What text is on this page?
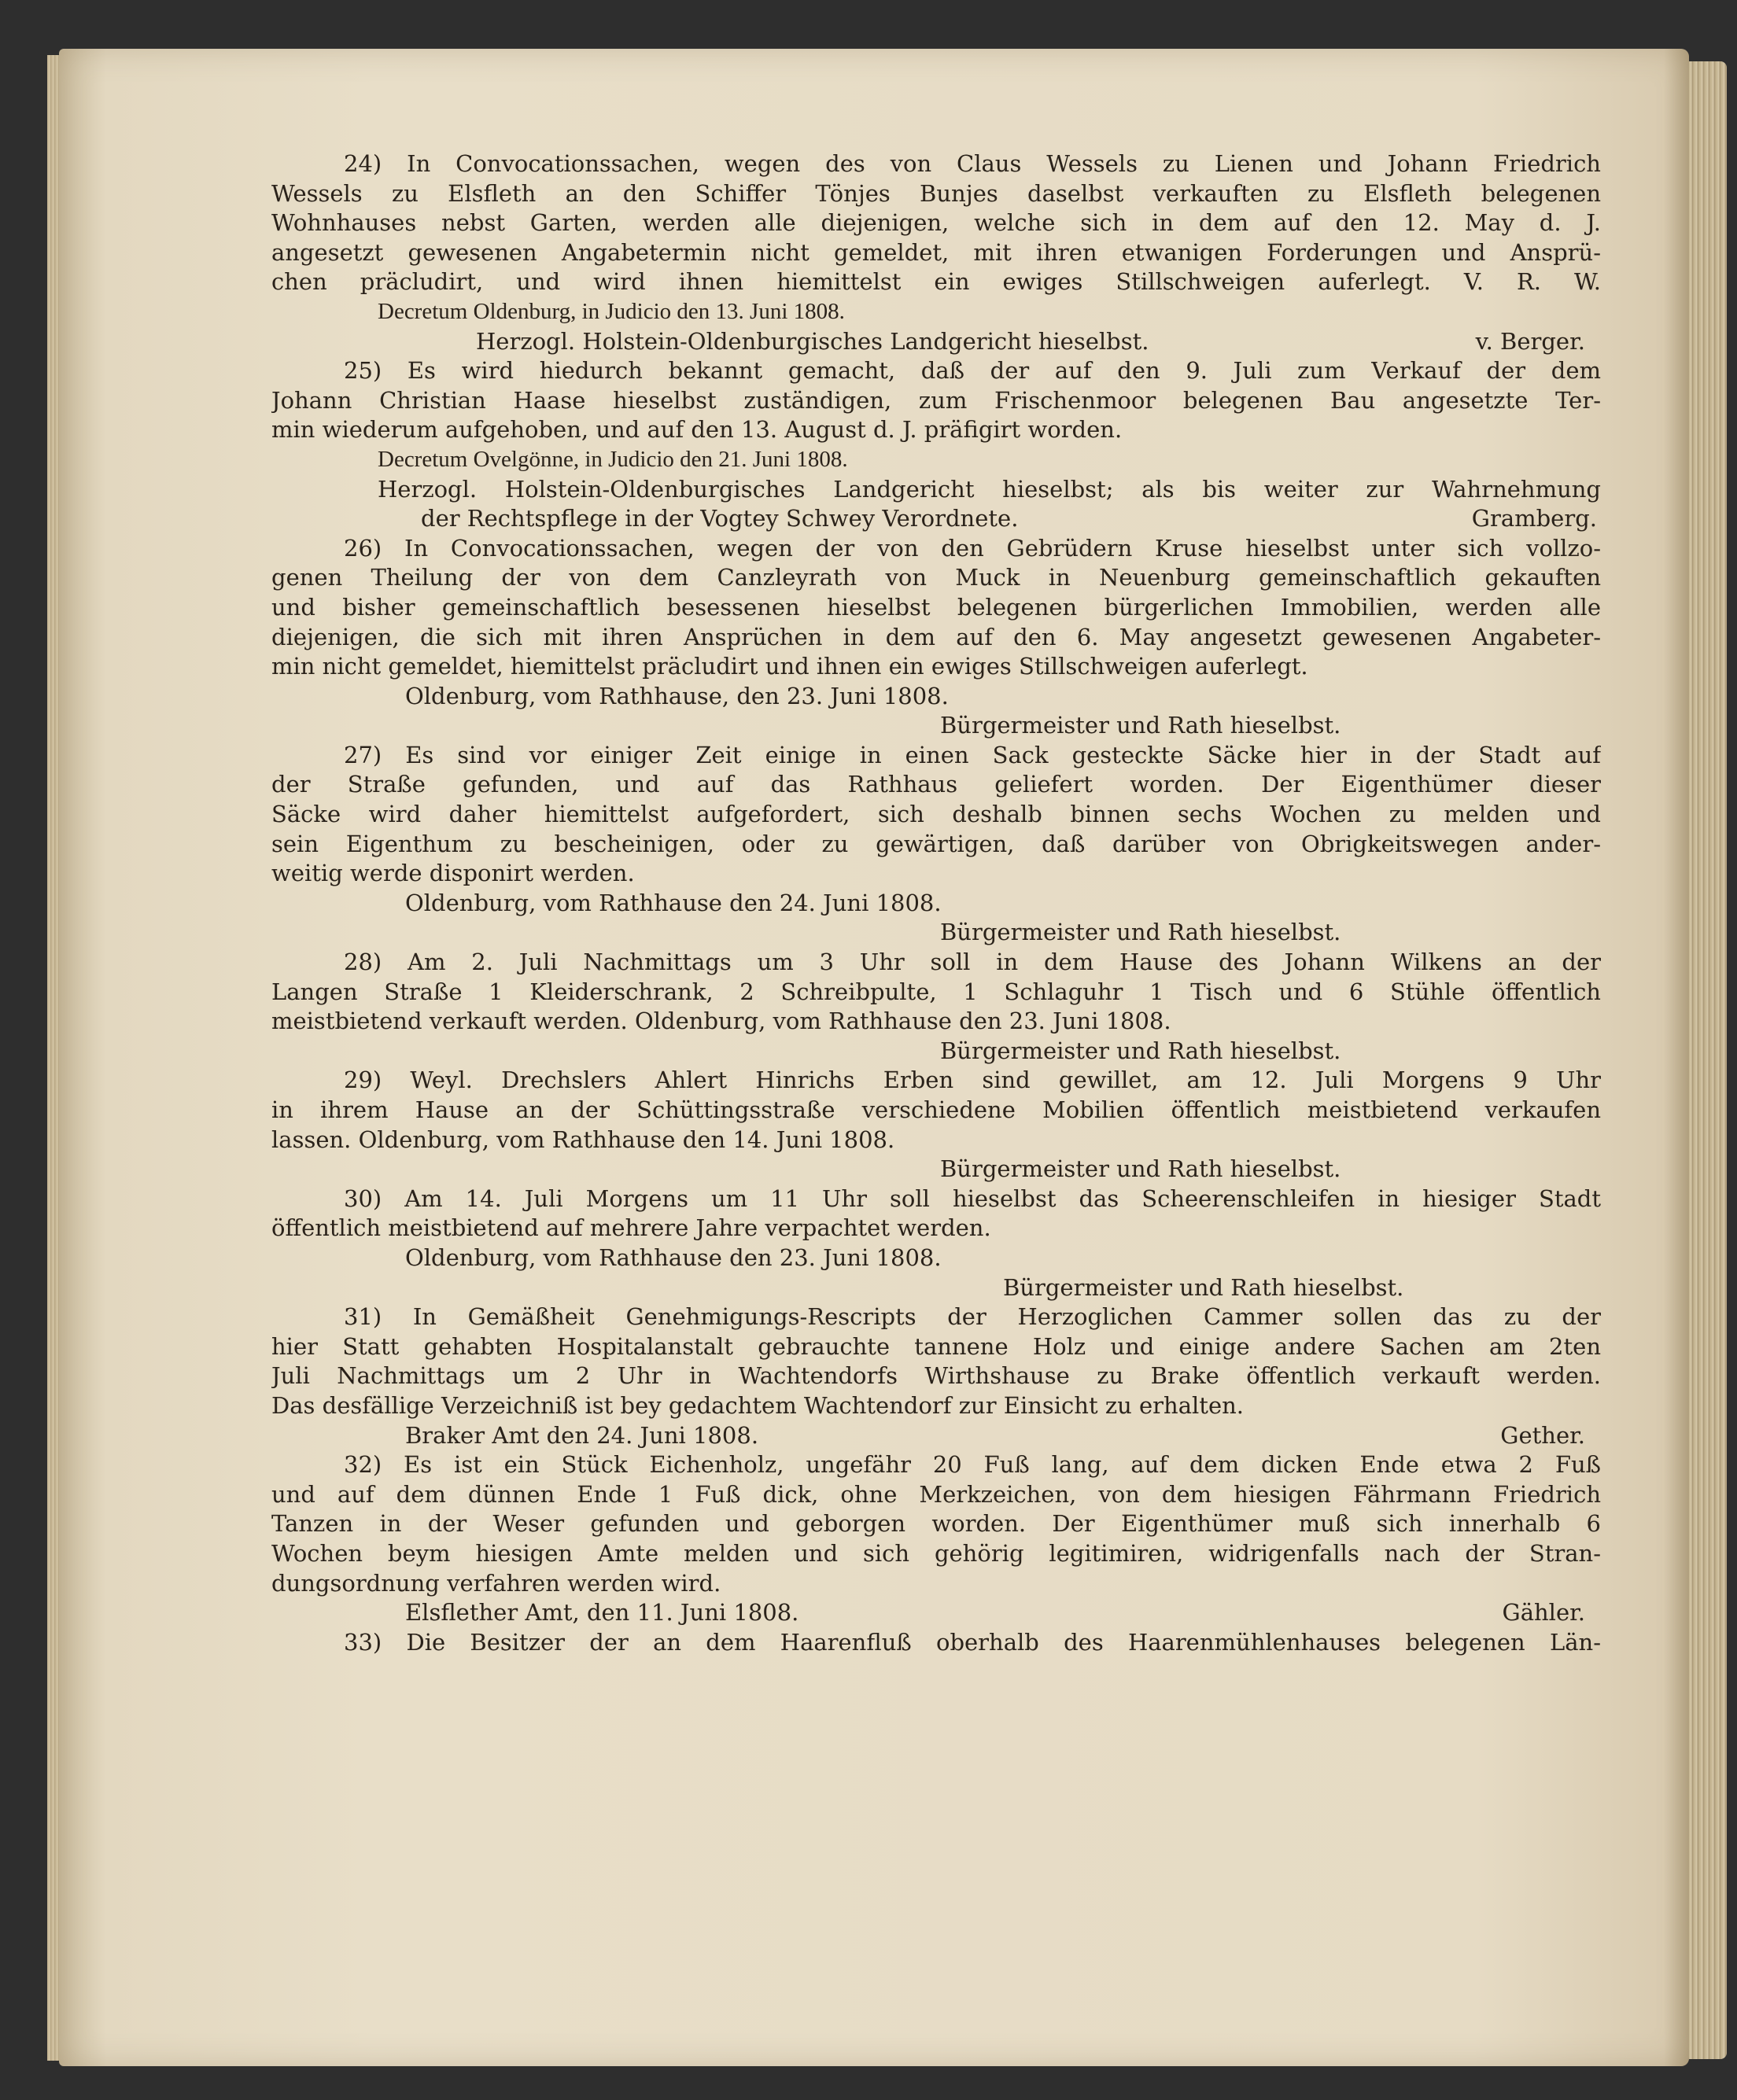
24) In Convocationssachen, wegen des von Claus Wessels zu Lienen und Johann Friedrich
Wessels zu Elsfleth an den Schiffer Tönjes Bunjes daselbst verkauften zu Elsfleth belegenen
Wohnhauses nebst Garten, werden alle diejenigen, welche sich in dem auf den 12. May d. J.
angesetzt gewesenen Angabetermin nicht gemeldet, mit ihren etwanigen Forderungen und Ansprü-
chen präcludirt, und wird ihnen hiemittelst ein ewiges Stillschweigen auferlegt. V. R. W.
Decretum Oldenburg, in Judicio den 13. Juni 1808.
Herzogl. Holstein-Oldenburgisches Landgericht hieselbst.	v. Berger.
25) Es wird hiedurch bekannt gemacht, daß der auf den 9. Juli zum Verkauf der dem
Johann Christian Haase hieselbst zuständigen, zum Frischenmoor belegenen Bau angesetzte Ter-
min wiederum aufgehoben, und auf den 13. August d. J. präfigirt worden.
Decretum Ovelgönne, in Judicio den 21. Juni 1808.
Herzogl. Holstein-Oldenburgisches Landgericht hieselbst; als bis weiter zur Wahrnehmung
der Rechtspflege in der Vogtey Schwey Verordnete.	Gramberg.
26) In Convocationssachen, wegen der von den Gebrüdern Kruse hieselbst unter sich vollzo-
genen Theilung der von dem Canzleyrath von Muck in Neuenburg gemeinschaftlich gekauften
und bisher gemeinschaftlich besessenen hieselbst belegenen bürgerlichen Immobilien, werden alle
diejenigen, die sich mit ihren Ansprüchen in dem auf den 6. May angesetzt gewesenen Angabeter-
min nicht gemeldet, hiemittelst präcludirt und ihnen ein ewiges Stillschweigen auferlegt.
Oldenburg, vom Rathhause, den 23. Juni 1808.
Bürgermeister und Rath hieselbst.
27) Es sind vor einiger Zeit einige in einen Sack gesteckte Säcke hier in der Stadt auf
der Straße gefunden, und auf das Rathhaus geliefert worden. Der Eigenthümer dieser
Säcke wird daher hiemittelst aufgefordert, sich deshalb binnen sechs Wochen zu melden und
sein Eigenthum zu bescheinigen, oder zu gewärtigen, daß darüber von Obrigkeitswegen ander-
weitig werde disponirt werden.
Oldenburg, vom Rathhause den 24. Juni 1808.
Bürgermeister und Rath hieselbst.
28) Am 2. Juli Nachmittags um 3 Uhr soll in dem Hause des Johann Wilkens an der
Langen Straße 1 Kleiderschrank, 2 Schreibpulte, 1 Schlaguhr 1 Tisch und 6 Stühle öffentlich
meistbietend verkauft werden. Oldenburg, vom Rathhause den 23. Juni 1808.
Bürgermeister und Rath hieselbst.
29) Weyl. Drechslers Ahlert Hinrichs Erben sind gewillet, am 12. Juli Morgens 9 Uhr
in ihrem Hause an der Schüttingsstraße verschiedene Mobilien öffentlich meistbietend verkaufen
lassen. Oldenburg, vom Rathhause den 14. Juni 1808.
Bürgermeister und Rath hieselbst.
30) Am 14. Juli Morgens um 11 Uhr soll hieselbst das Scheerenschleifen in hiesiger Stadt
öffentlich meistbietend auf mehrere Jahre verpachtet werden.
Oldenburg, vom Rathhause den 23. Juni 1808.
Bürgermeister und Rath hieselbst.
31) In Gemäßheit Genehmigungs-Rescripts der Herzoglichen Cammer sollen das zu der
hier Statt gehabten Hospitalanstalt gebrauchte tannene Holz und einige andere Sachen am 2ten
Juli Nachmittags um 2 Uhr in Wachtendorfs Wirthshause zu Brake öffentlich verkauft werden.
Das desfällige Verzeichniß ist bey gedachtem Wachtendorf zur Einsicht zu erhalten.
Braker Amt den 24. Juni 1808.	Gether.
32) Es ist ein Stück Eichenholz, ungefähr 20 Fuß lang, auf dem dicken Ende etwa 2 Fuß
und auf dem dünnen Ende 1 Fuß dick, ohne Merkzeichen, von dem hiesigen Fährmann Friedrich
Tanzen in der Weser gefunden und geborgen worden. Der Eigenthümer muß sich innerhalb 6
Wochen beym hiesigen Amte melden und sich gehörig legitimiren, widrigenfalls nach der Stran-
dungsordnung verfahren werden wird.
Elsflether Amt, den 11. Juni 1808.	Gähler.
33) Die Besitzer der an dem Haarenfluß oberhalb des Haarenmühlenhauses belegenen Län-
